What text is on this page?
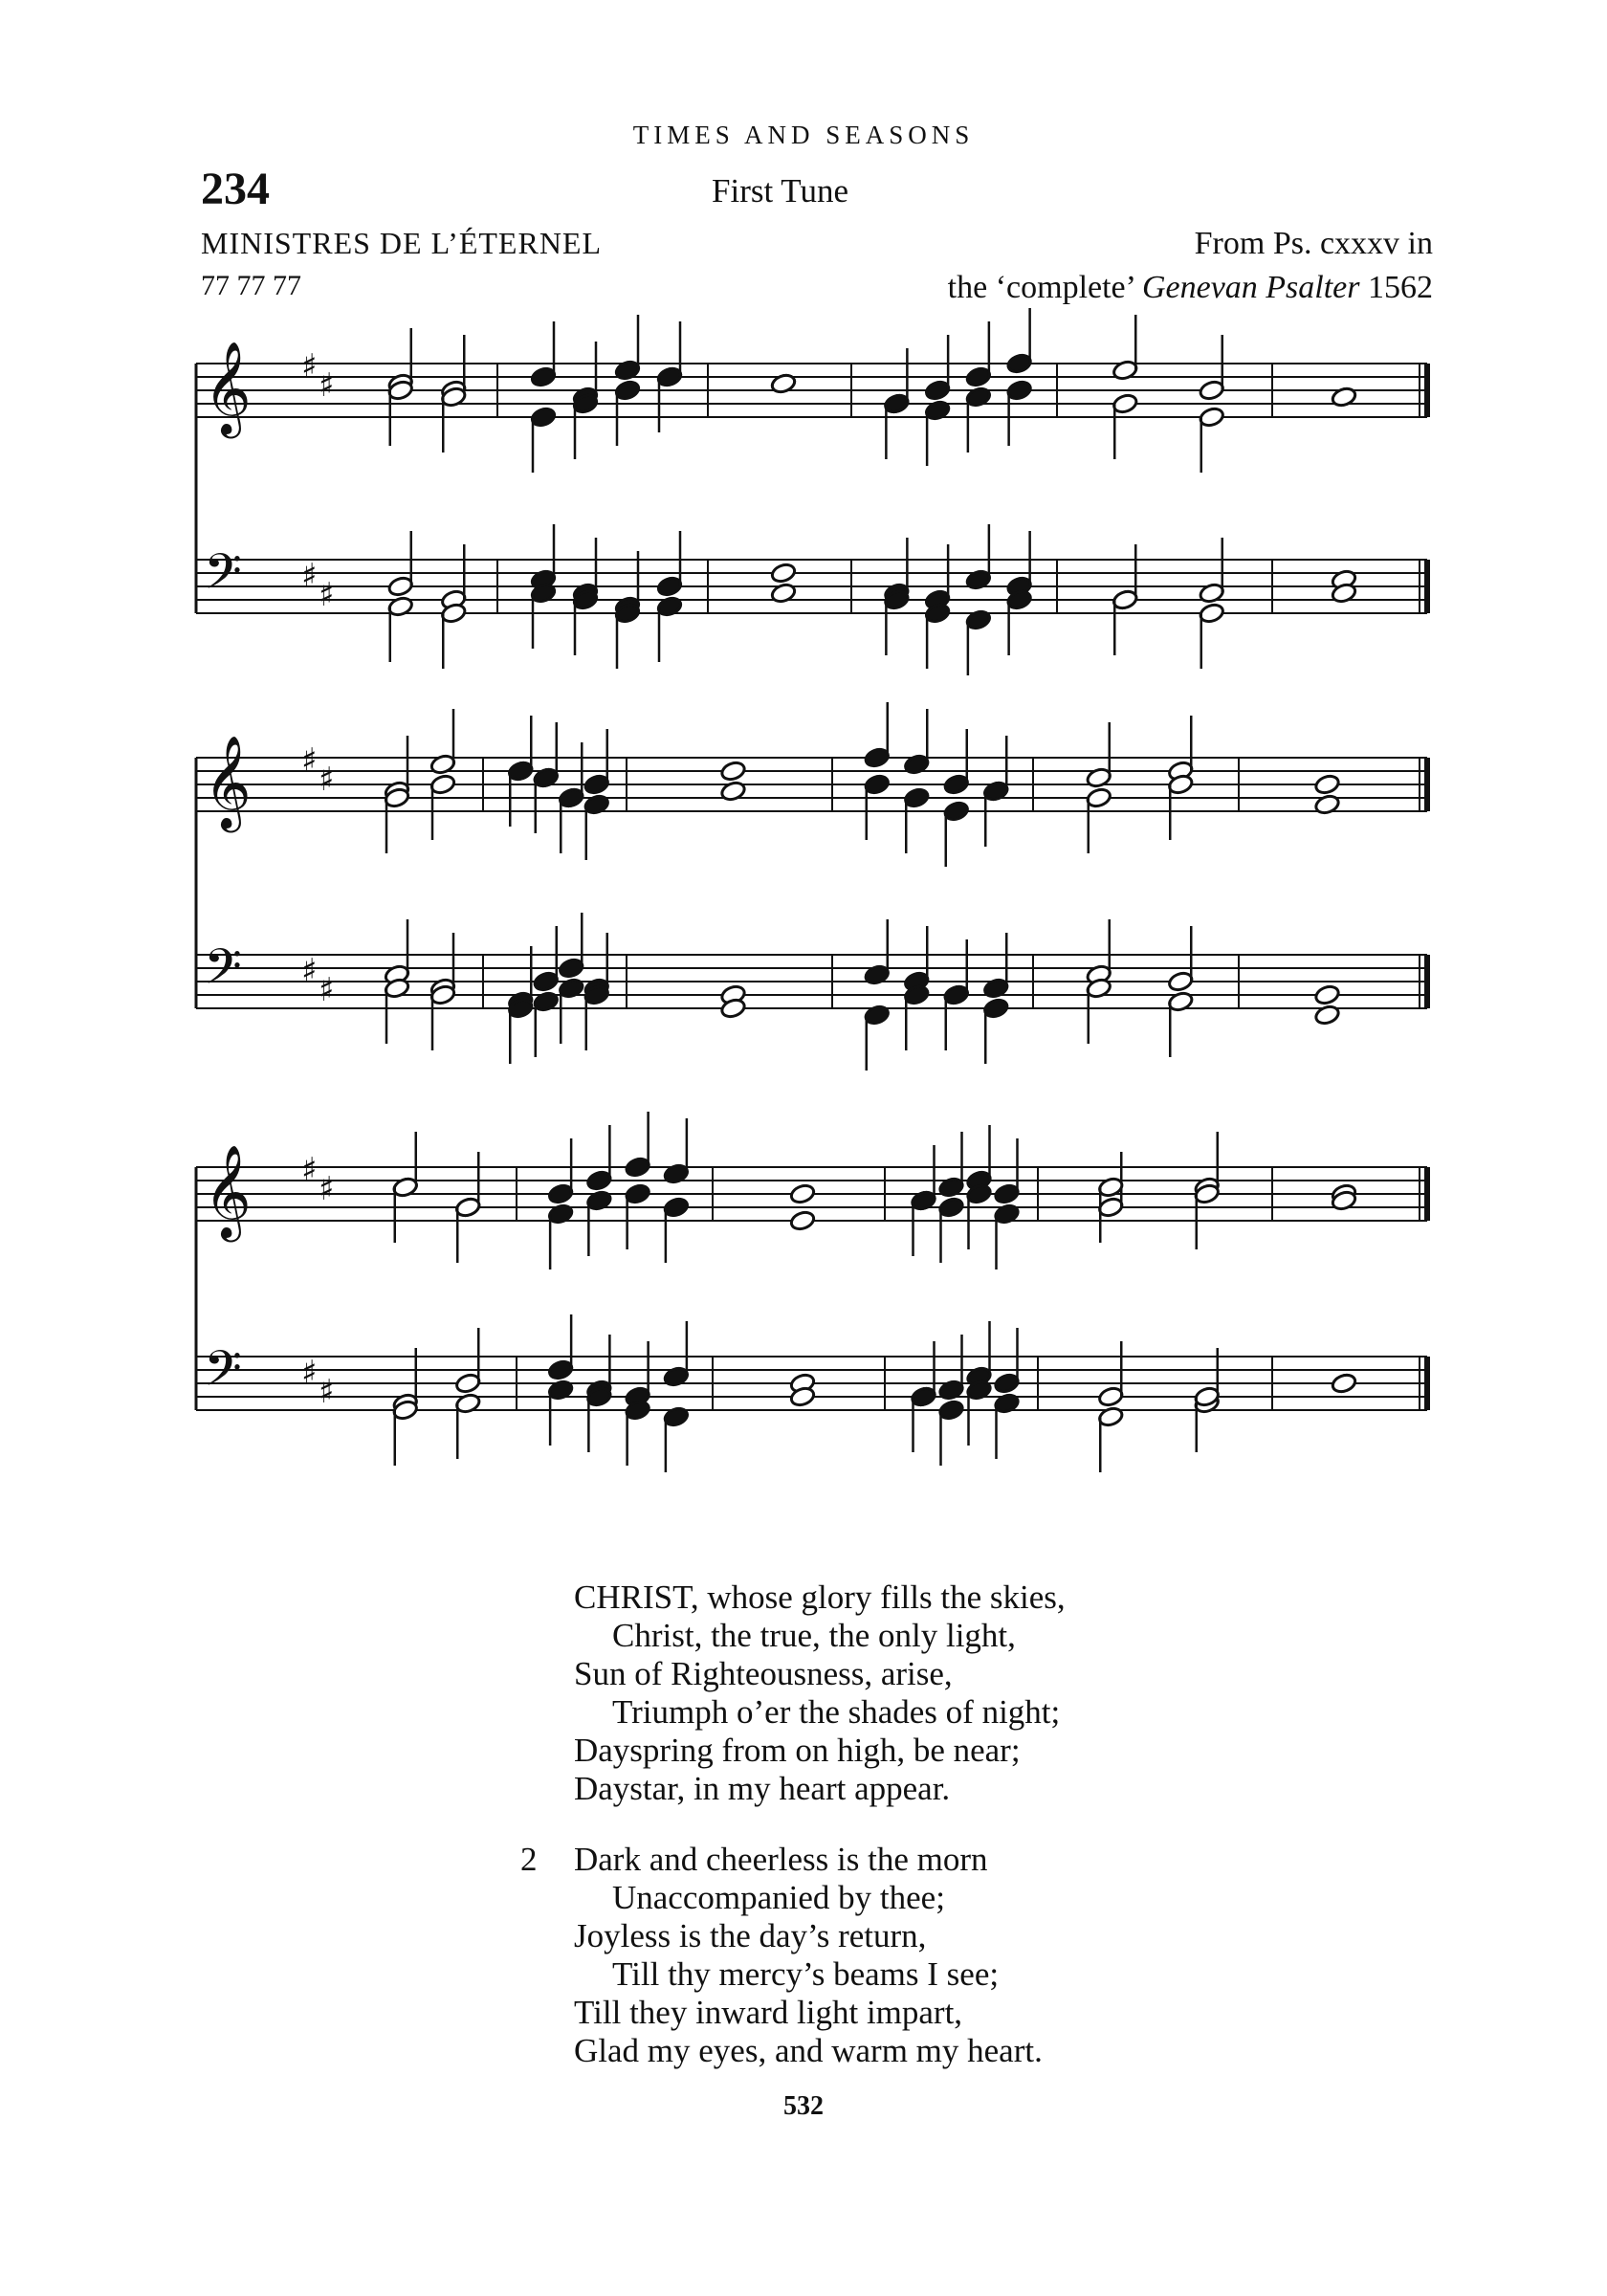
TIMES AND SEASONS
234	First Tune
MINISTRES DE L’ÉTERNEL
77 77 77
From Ps. cxxxv in
the ‘complete’ Genevan Psalter 1562
𝄞 ♯ ♯
𝄢 ♯ ♯
𝄞 ♯ ♯
𝄢 ♯ ♯
𝄞 ♯ ♯
𝄢 ♯ ♯
CHRIST, whose glory fills the skies,
Christ, the true, the only light,
Sun of Righteousness, arise,
Triumph o’er the shades of night;
Dayspring from on high, be near;
Daystar, in my heart appear.
2 Dark and cheerless is the morn
Unaccompanied by thee;
Joyless is the day’s return,
Till thy mercy’s beams I see;
Till they inward light impart,
Glad my eyes, and warm my heart.
532
